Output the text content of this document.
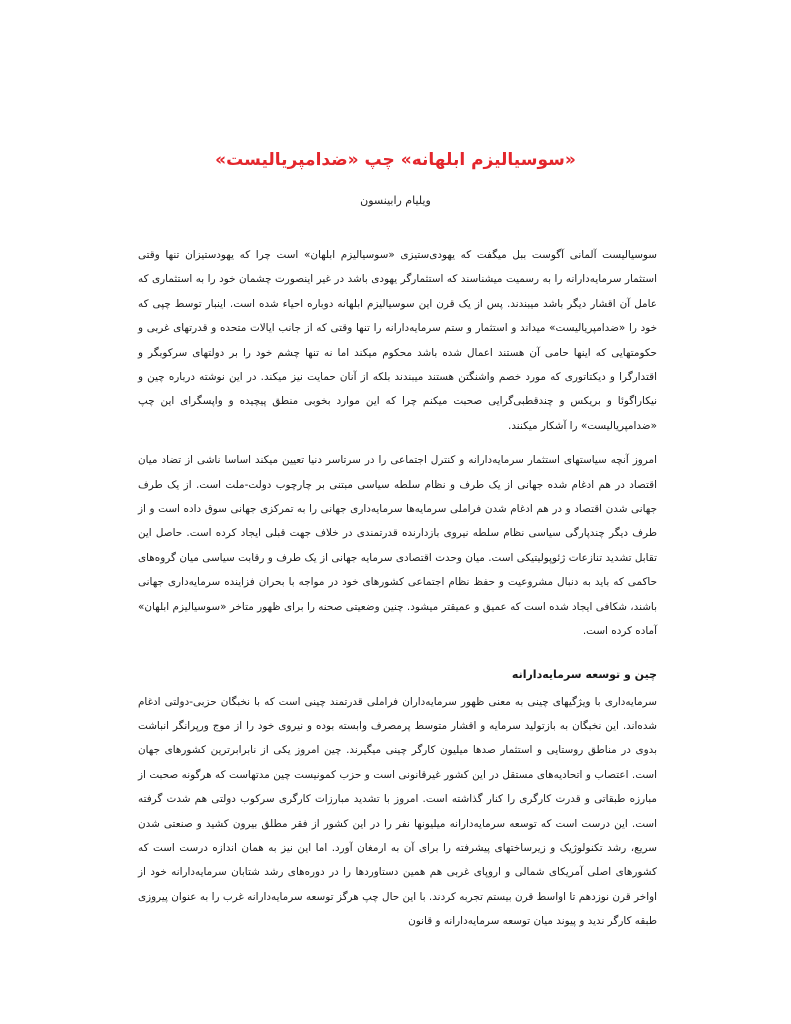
«سوسیالیزم ابلهانه» چپ «ضدامپریالیست»

ویلیام رابینسون

سوسیالیست آلمانی آگوست ببل میگفت که یهودی‌ستیزی «سوسیالیزم ابلهان» است چرا که یهودستیزان تنها وقتی استثمار سرمایه‌دارانه را به رسمیت میشناسند که استثمارگر یهودی باشد در غیر اینصورت چشمان خود را به استثماری که عامل آن اقشار دیگر باشد میبندند. پس از یک قرن این سوسیالیزم ابلهانه دوباره احیاء شده است. اینبار توسط چپی که خود را «ضدامپریالیست» میداند و استثمار و ستم سرمایه‌دارانه را تنها وقتی که از جانب ایالات متحده و قدرتهای غربی و حکومتهایی که اینها حامی آن هستند اعمال شده باشد محکوم میکند اما نه تنها چشم خود را بر دولتهای سرکوبگر و اقتدارگرا و دیکتاتوری که مورد خصم واشنگتن هستند میبندند بلکه از آنان حمایت نیز میکند. در این نوشته درباره چین و نیکاراگوئا و بریکس و چندقطبی‌گرایی صحبت میکنم چرا که این موارد بخوبی منطق پیچیده و واپسگرای این چپ «ضدامپریالیست» را آشکار میکنند.

امروز آنچه سیاستهای استثمار سرمایه‌دارانه و کنترل اجتماعی را در سرتاسر دنیا تعیین میکند اساسا ناشی از تضاد میان اقتصاد در هم ادغام شده جهانی از یک طرف و نظام سلطه سیاسی مبتنی بر چارچوب دولت-ملت است. از یک طرف جهانی شدن اقتصاد و در هم ادغام شدن فراملی سرمایه‌ها سرمایه‌داری جهانی را به تمرکزی جهانی سوق داده است و از طرف دیگر چندپارگی سیاسی نظام سلطه نیروی بازدارنده قدرتمندی در خلاف جهت قبلی ایجاد کرده است. حاصل این تقابل تشدید تنازعات ژئوپولیتیکی است. میان وحدت اقتصادی سرمایه جهانی از یک طرف و رقابت سیاسی میان گروه‌های حاکمی که باید به دنبال مشروعیت و حفظ نظام اجتماعی کشورهای خود در مواجه با بحران فزاینده سرمایه‌داری جهانی باشند، شکافی ایجاد شده است که عمیق و عمیقتر میشود. چنین وضعیتی صحنه را برای ظهور متاخر «سوسیالیزم ابلهان» آماده کرده است.

چین و توسعه سرمایه‌دارانه

سرمایه‌داری با ویژگیهای چینی به معنی ظهور سرمایه‌داران فراملی قدرتمند چینی است که با نخبگان حزبی-دولتی ادغام شده‌اند. این نخبگان به بازتولید سرمایه و اقشار متوسط پرمصرف وابسته بوده و نیروی خود را از موج ورپرانگر انباشت بدوی در مناطق روستایی و استثمار صدها میلیون کارگر چینی میگیرند. چین امروز یکی از نابرابرترین کشورهای جهان است. اعتصاب و اتحادیه‌های مستقل در این کشور غیرقانونی است و حزب کمونیست چین مدتهاست که هرگونه صحبت از مبارزه طبقاتی و قدرت کارگری را کنار گذاشته است. امروز با تشدید مبارزات کارگری سرکوب دولتی هم شدت گرفته است. این درست است که توسعه سرمایه‌دارانه میلیونها نفر را در این کشور از فقر مطلق بیرون کشید و صنعتی شدن سریع، رشد تکنولوژیک و زیرساختهای پیشرفته را برای آن به ارمغان آورد. اما این نیز به همان اندازه درست است که کشورهای اصلی آمریکای شمالی و اروپای غربی هم همین دستاوردها را در دوره‌های رشد شتابان سرمایه‌دارانه خود از اواخر قرن نوزدهم تا اواسط قرن بیستم تجربه کردند. با این حال چپ هرگز توسعه سرمایه‌دارانه غرب را به عنوان پیروزی طبقه کارگر ندید و پیوند میان توسعه سرمایه‌دارانه و قانون
